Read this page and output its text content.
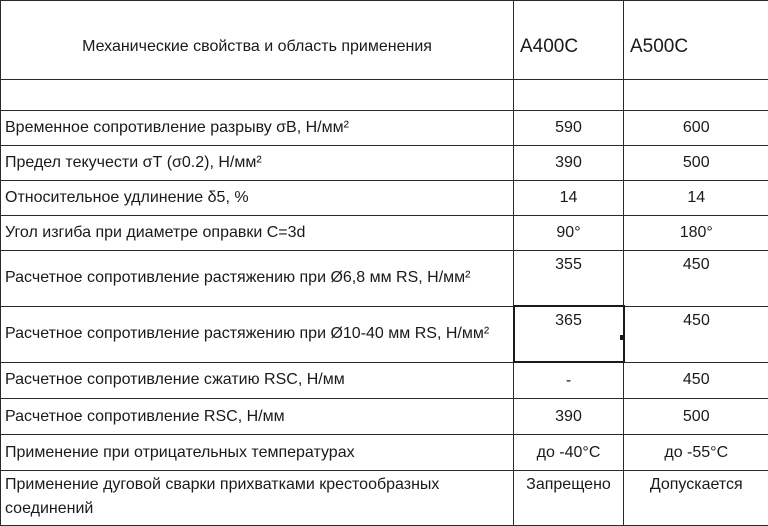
Механические свойства и область применения	А400С	А500С

Временное сопротивление разрыву σВ, Н/мм²	590	600
Предел текучести σТ (σ0.2), Н/мм²	390	500
Относительное удлинение δ5, %	14	14
Угол изгиба при диаметре оправки С=3d	90°	180°
Расчетное сопротивление растяжению при Ø6,8 мм RS, Н/мм²	355	450
Расчетное сопротивление растяжению при Ø10-40 мм RS, Н/мм²	365	450
Расчетное сопротивление сжатию RSC, Н/мм	-	450
Расчетное сопротивление RSC, Н/мм	390	500
Применение при отрицательных температурах	до -40°С	до -55°С
Применение дуговой сварки прихватками крестообразных соединений	Запрещено	Допускается
